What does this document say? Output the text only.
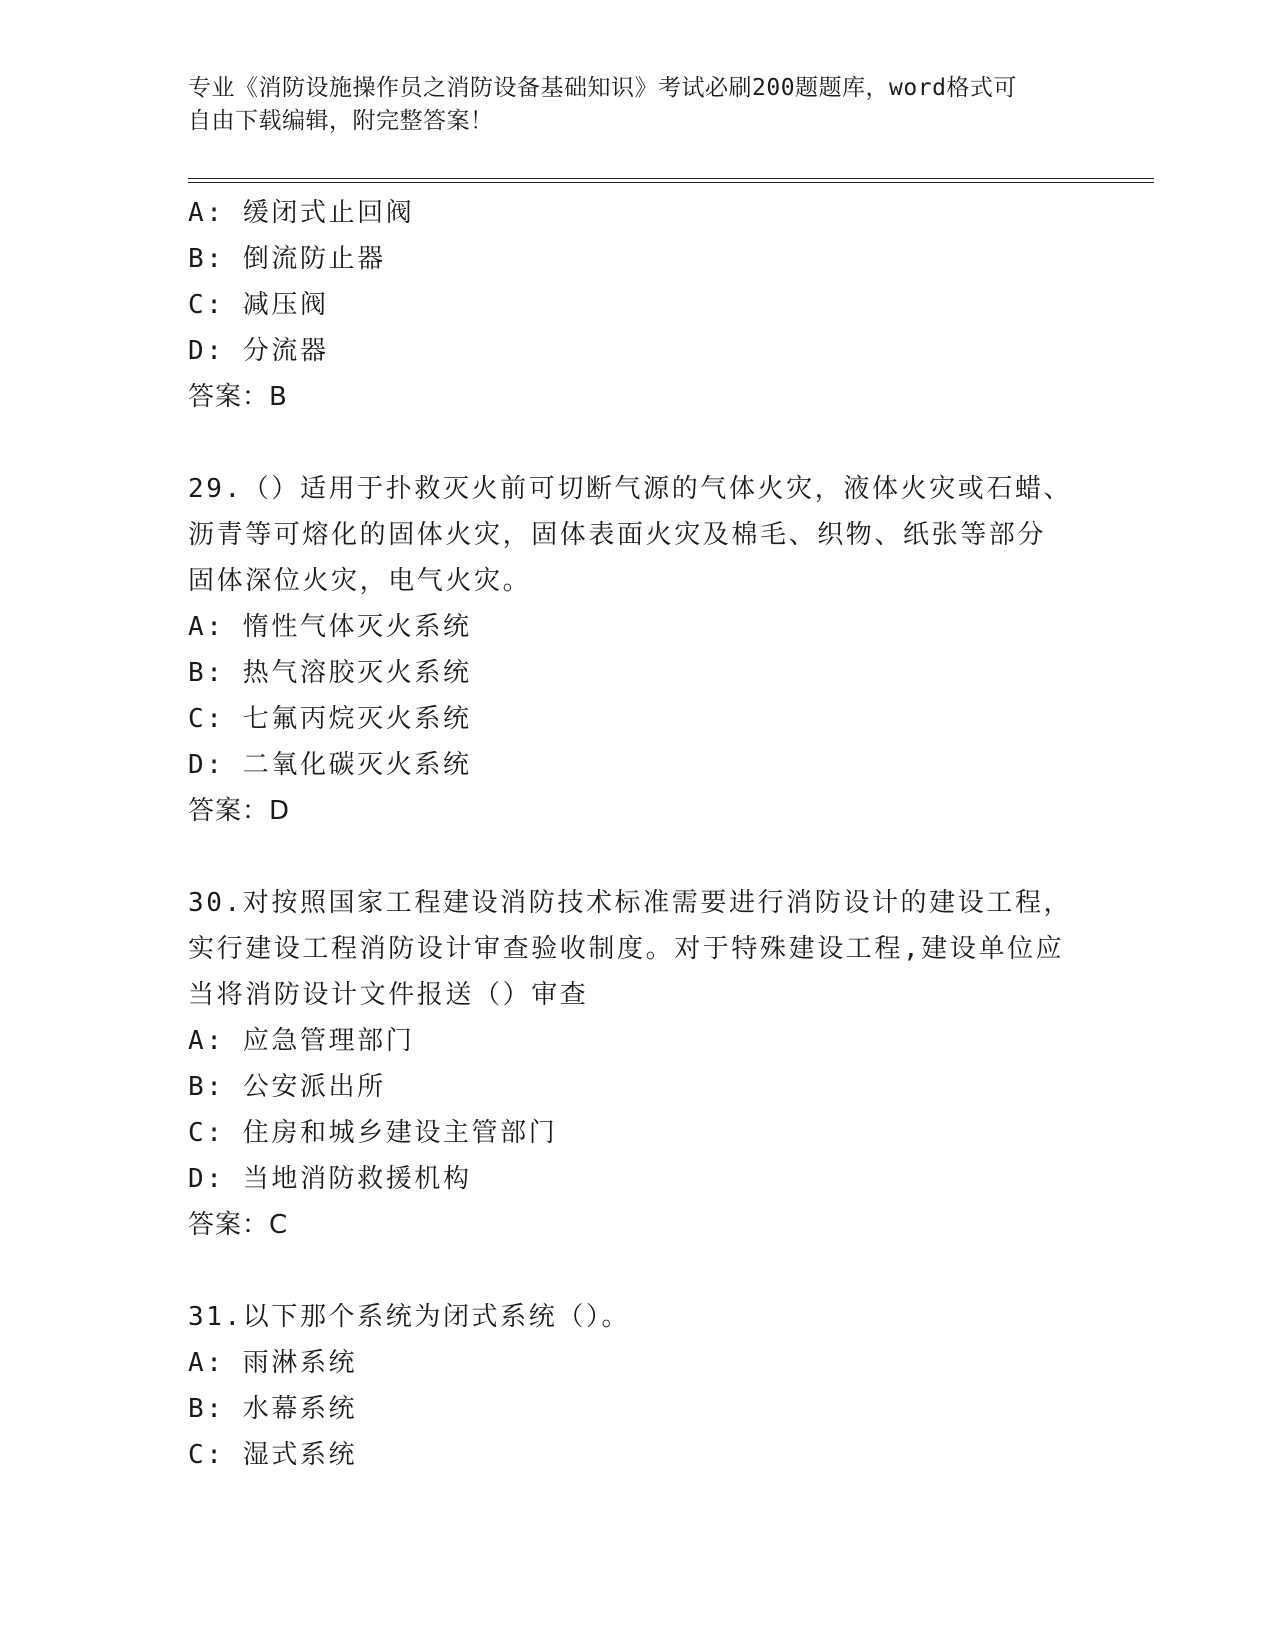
专业《消防设施操作员之消防设备基础知识》考试必刷200题题库，word格式可
自由下载编辑，附完整答案！
A: 缓闭式止回阀
B: 倒流防止器
C: 减压阀
D: 分流器
答案：B
29.（）适用于扑救灭火前可切断气源的气体火灾，液体火灾或石蜡、
沥青等可熔化的固体火灾，固体表面火灾及棉毛、织物、纸张等部分
固体深位火灾，电气火灾。
A: 惰性气体灭火系统
B: 热气溶胶灭火系统
C: 七氟丙烷灭火系统
D: 二氧化碳灭火系统
答案：D
30.对按照国家工程建设消防技术标准需要进行消防设计的建设工程，
实行建设工程消防设计审查验收制度。对于特殊建设工程,建设单位应
当将消防设计文件报送（）审查
A: 应急管理部门
B: 公安派出所
C: 住房和城乡建设主管部门
D: 当地消防救援机构
答案：C
31.以下那个系统为闭式系统（）。
A: 雨淋系统
B: 水幕系统
C: 湿式系统
